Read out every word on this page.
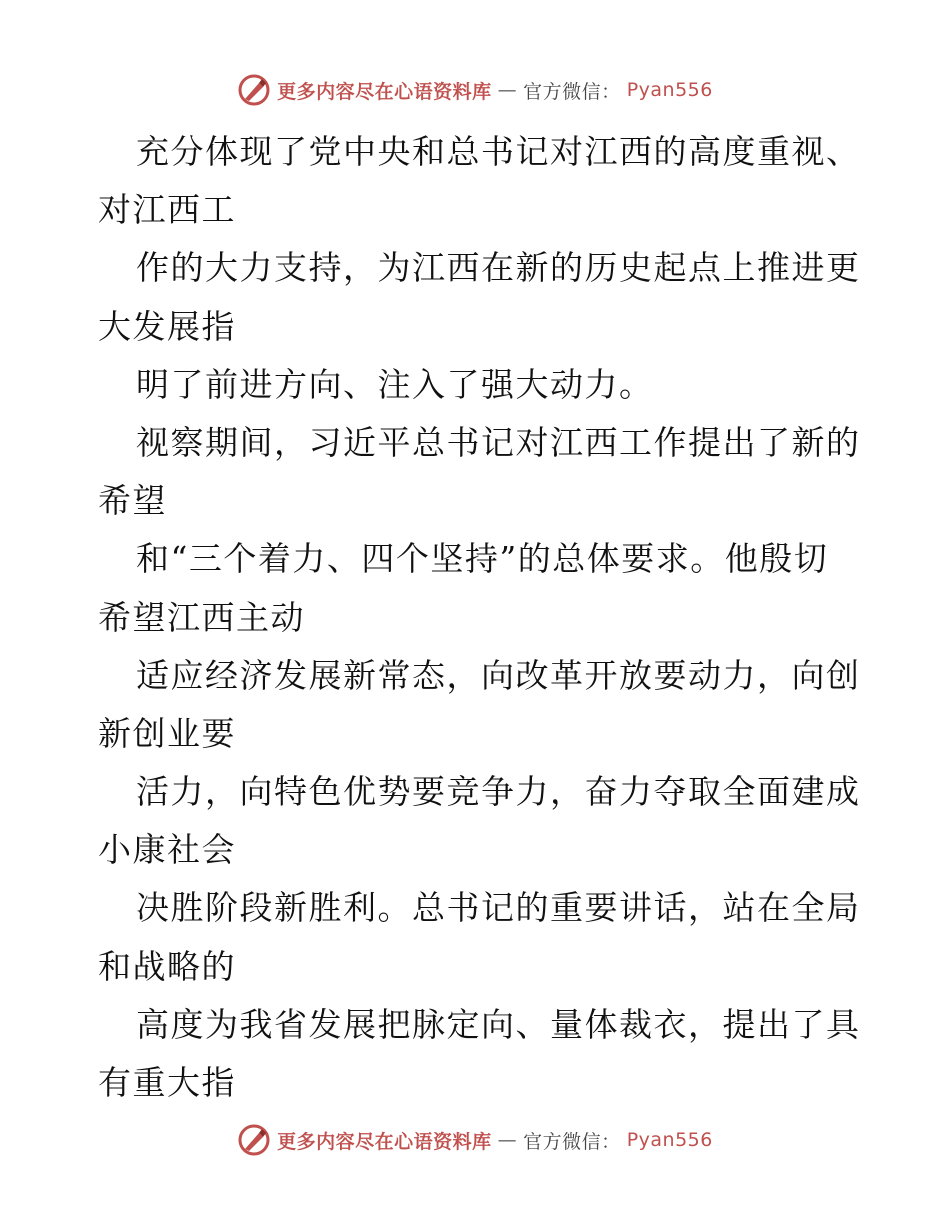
更多内容尽在心语资料库 — 官方微信： Pyan556
充分体现了党中央和总书记对江西的高度重视、
对江西工
作的大力支持，为江西在新的历史起点上推进更
大发展指
明了前进方向、注入了强大动力。
视察期间，习近平总书记对江西工作提出了新的
希望
和“三个着力、四个坚持”的总体要求。他殷切
希望江西主动
适应经济发展新常态，向改革开放要动力，向创
新创业要
活力，向特色优势要竞争力，奋力夺取全面建成
小康社会
决胜阶段新胜利。总书记的重要讲话，站在全局
和战略的
高度为我省发展把脉定向、量体裁衣，提出了具
有重大指
更多内容尽在心语资料库 — 官方微信： Pyan556
